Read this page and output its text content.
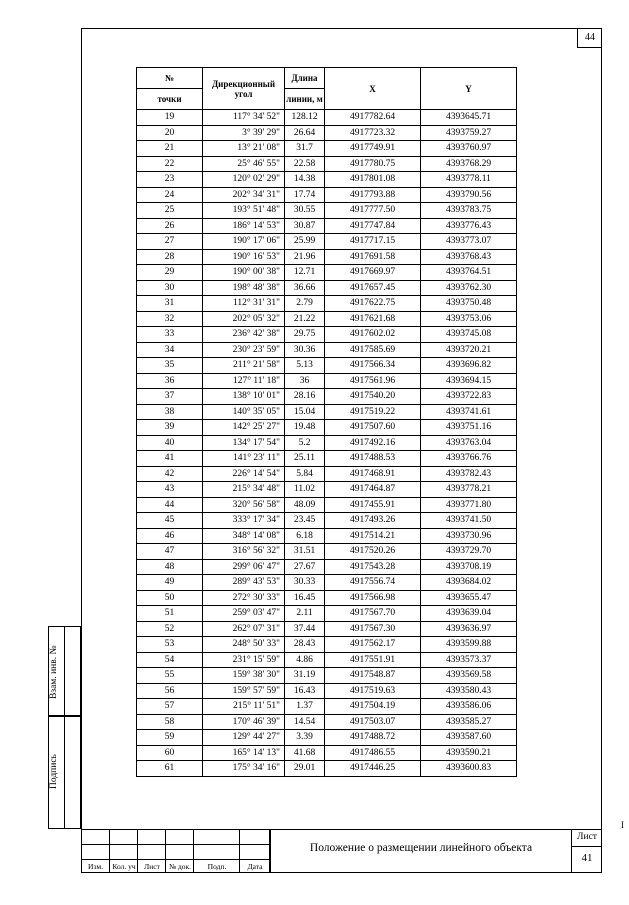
44
№	Дирекционный угол	Длина	X	Y
точки		линии, м		
19	117° 34' 52"	128.12	4917782.64	4393645.71
20	3° 39' 29"	26.64	4917723.32	4393759.27
21	13° 21' 08"	31.7	4917749.91	4393760.97
22	25° 46' 55"	22.58	4917780.75	4393768.29
23	120° 02' 29"	14.38	4917801.08	4393778.11
24	202° 34' 31"	17.74	4917793.88	4393790.56
25	193° 51' 48"	30.55	4917777.50	4393783.75
26	186° 14' 53"	30.87	4917747.84	4393776.43
27	190° 17' 06"	25.99	4917717.15	4393773.07
28	190° 16' 53"	21.96	4917691.58	4393768.43
29	190° 00' 38"	12.71	4917669.97	4393764.51
30	198° 48' 38"	36.66	4917657.45	4393762.30
31	112° 31' 31"	2.79	4917622.75	4393750.48
32	202° 05' 32"	21.22	4917621.68	4393753.06
33	236° 42' 38"	29.75	4917602.02	4393745.08
34	230° 23' 59"	30.36	4917585.69	4393720.21
35	211° 21' 58"	5.13	4917566.34	4393696.82
36	127° 11' 18"	36	4917561.96	4393694.15
37	138° 10' 01"	28.16	4917540.20	4393722.83
38	140° 35' 05"	15.04	4917519.22	4393741.61
39	142° 25' 27"	19.48	4917507.60	4393751.16
40	134° 17' 54"	5.2	4917492.16	4393763.04
41	141° 23' 11"	25.11	4917488.53	4393766.76
42	226° 14' 54"	5.84	4917468.91	4393782.43
43	215° 34' 48"	11.02	4917464.87	4393778.21
44	320° 56' 58"	48.09	4917455.91	4393771.80
45	333° 17' 34"	23.45	4917493.26	4393741.50
46	348° 14' 08"	6.18	4917514.21	4393730.96
47	316° 56' 32"	31.51	4917520.26	4393729.70
48	299° 06' 47"	27.67	4917543.28	4393708.19
49	289° 43' 53"	30.33	4917556.74	4393684.02
50	272° 30' 33"	16.45	4917566.98	4393655.47
51	259° 03' 47"	2.11	4917567.70	4393639.04
52	262° 07' 31"	37.44	4917567.30	4393636.97
53	248° 50' 33"	28.43	4917562.17	4393599.88
54	231° 15' 59"	4.86	4917551.91	4393573.37
55	159° 38' 30"	31.19	4917548.87	4393569.58
56	159° 57' 59"	16.43	4917519.63	4393580.43
57	215° 11' 51"	1.37	4917504.19	4393586.06
58	170° 46' 39"	14.54	4917503.07	4393585.27
59	129° 44' 27"	3.39	4917488.72	4393587.60
60	165° 14' 13"	41.68	4917486.55	4393590.21
61	175° 34' 16"	29.01	4917446.25	4393600.83
Взам. инв. №
Подпись
Изм.	Кол. уч	Лист	№ док.	Подп.	Дата
Положение о размещении линейного объекта
Лист
41
I
